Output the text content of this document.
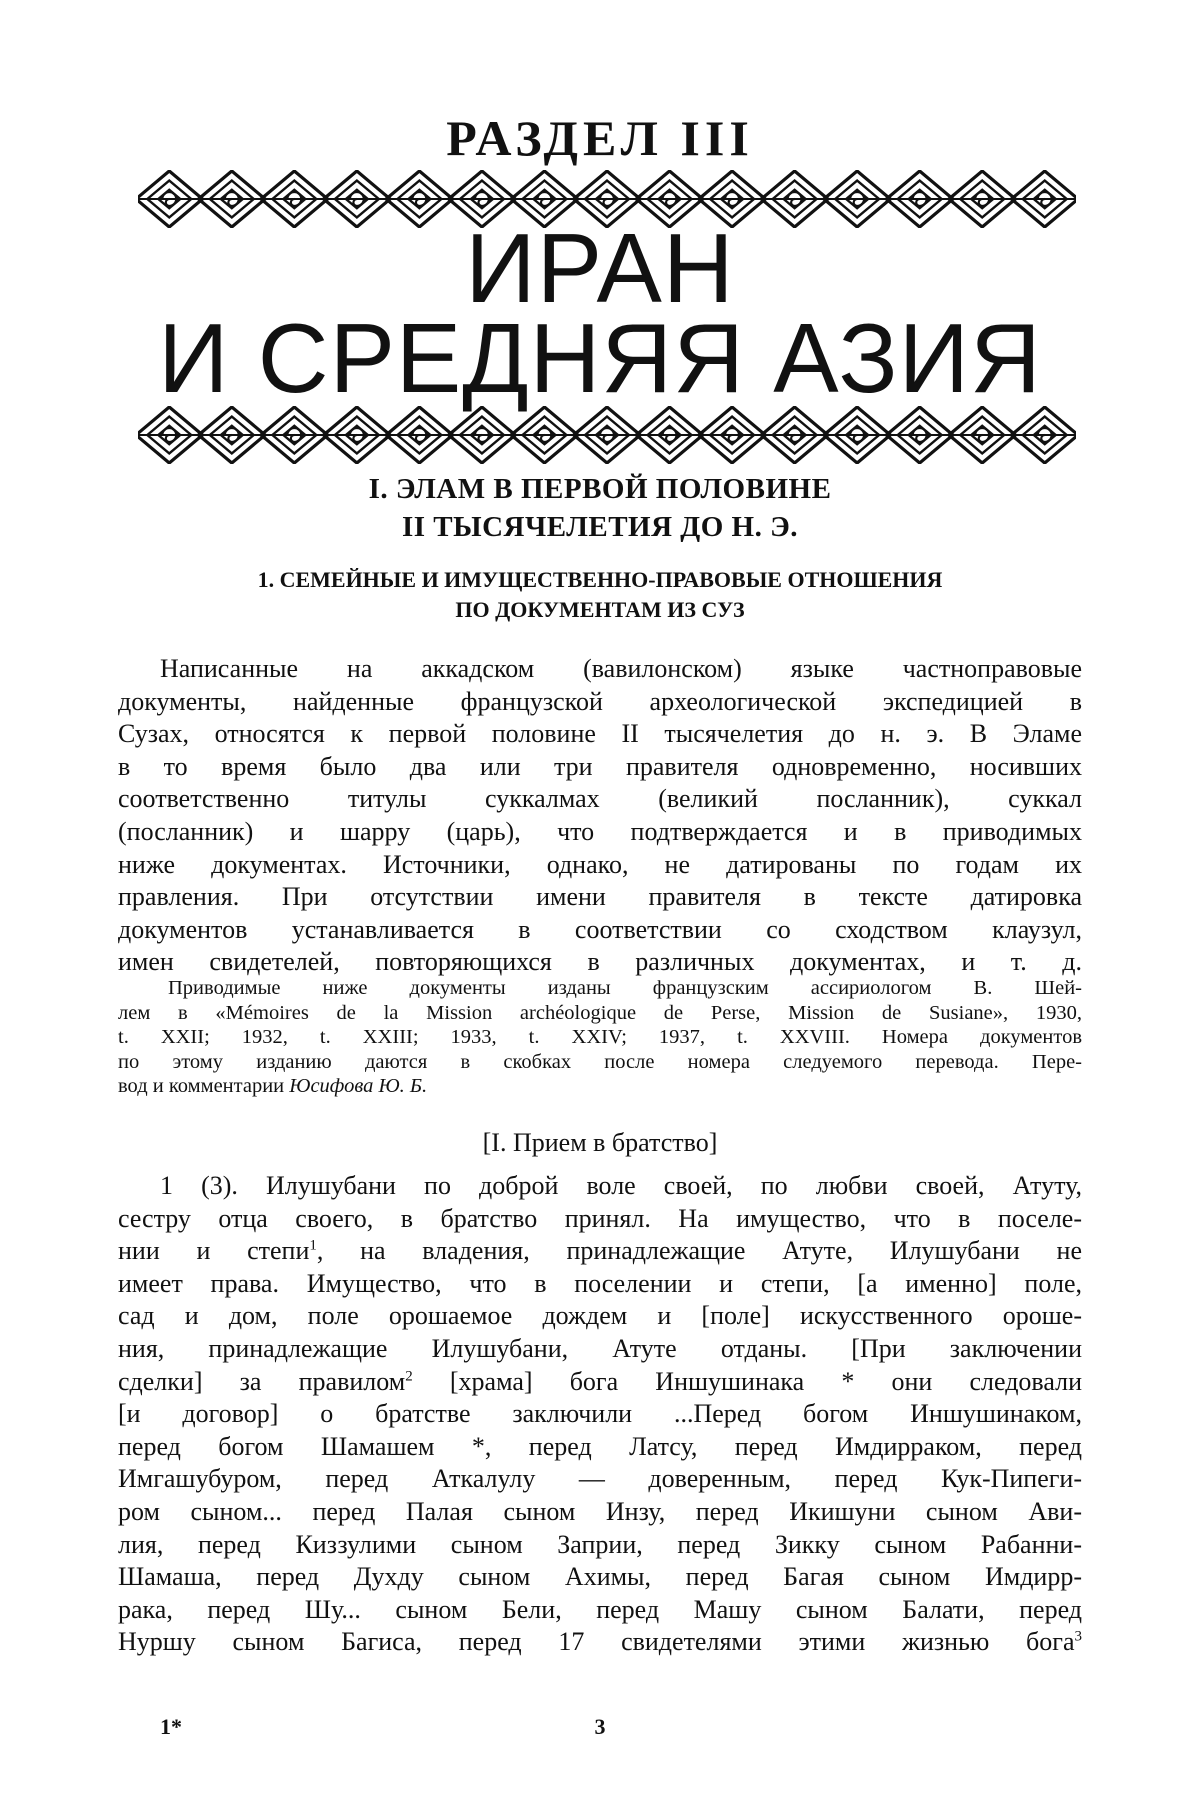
РАЗДЕЛ III
ИРАН
И СРЕДНЯЯ АЗИЯ
I. ЭЛАМ В ПЕРВОЙ ПОЛОВИНЕ
II ТЫСЯЧЕЛЕТИЯ ДО Н. Э.
1. СЕМЕЙНЫЕ И ИМУЩЕСТВЕННО-ПРАВОВЫЕ ОТНОШЕНИЯ
ПО ДОКУМЕНТАМ ИЗ СУЗ
Написанные на аккадском (вавилонском) языке частноправовые
документы, найденные французской археологической экспедицией в
Сузах, относятся к первой половине II тысячелетия до н. э. В Эламе
в то время было два или три правителя одновременно, носивших
соответственно титулы суккалмах (великий посланник), суккал
(посланник) и шарру (царь), что подтверждается и в приводимых
ниже документах. Источники, однако, не датированы по годам их
правления. При отсутствии имени правителя в тексте датировка
документов устанавливается в соответствии со сходством клаузул,
имен свидетелей, повторяющихся в различных документах, и т. д.
Приводимые ниже документы изданы французским ассириологом В. Шей-
лем в «Mémoires de la Mission archéologique de Perse, Mission de Susiane», 1930,
t. XXII; 1932, t. XXIII; 1933, t. XXIV; 1937, t. XXVIII. Номера документов
по этому изданию даются в скобках после номера следуемого перевода. Пере-
вод и комментарии Юсифова Ю. Б.
[I. Прием в братство]
1 (3). Илушубани по доброй воле своей, по любви своей, Атуту,
сестру отца своего, в братство принял. На имущество, что в поселе-
нии и степи$^1$, на владения, принадлежащие Атуте, Илушубани не
имеет права. Имущество, что в поселении и степи, [а именно] поле,
сад и дом, поле орошаемое дождем и [поле] искусственного ороше-
ния, принадлежащие Илушубани, Атуте отданы. [При заключении
сделки] за правилом$^2$ [храма] бога Иншушинака * они следовали
[и договор] о братстве заключили ...Перед богом Иншушинаком,
перед богом Шамашем *, перед Латсу, перед Имдирраком, перед
Имгашубуром, перед Аткалулу — доверенным, перед Кук-Пипеги-
ром сыном... перед Палая сыном Инзу, перед Икишуни сыном Ави-
лия, перед Киззулими сыном Заприи, перед Зикку сыном Рабанни-
Шамаша, перед Духду сыном Ахимы, перед Багая сыном Имдирр-
рака, перед Шу... сыном Бели, перед Машу сыном Балати, перед
Нуршу сыном Багиса, перед 17 свидетелями этими жизнью бога$^3$
1*	3
